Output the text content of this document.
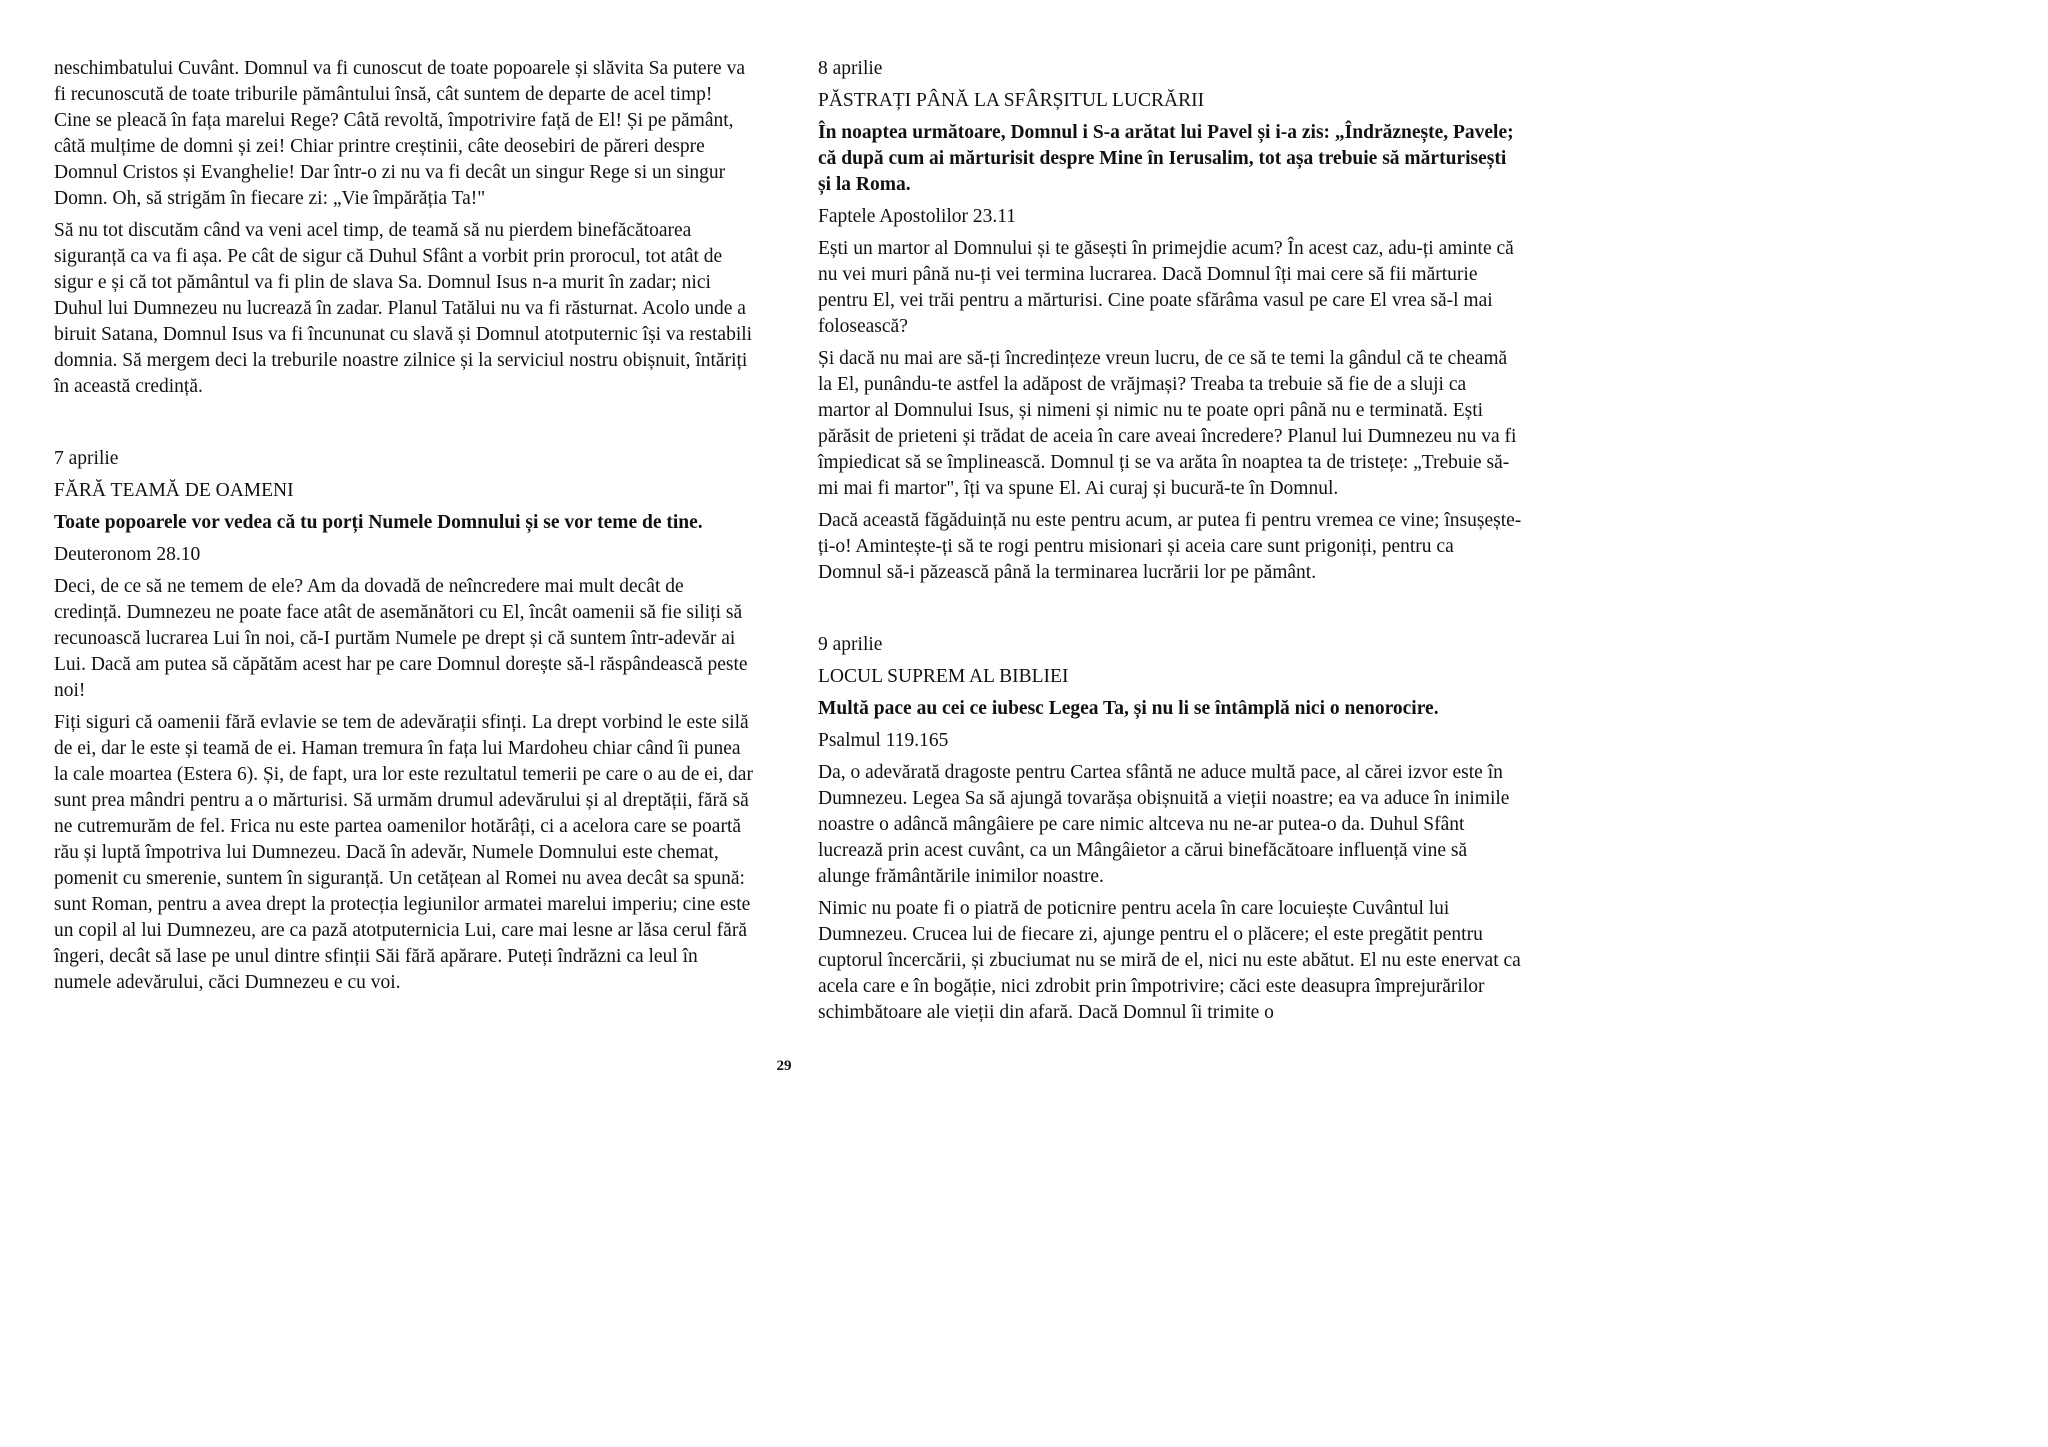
neschimbatului Cuvânt. Domnul va fi cunoscut de toate popoarele și slăvita Sa putere va fi recunoscută de toate triburile pământului însă, cât suntem de departe de acel timp! Cine se pleacă în fața marelui Rege? Câtă revoltă, împotrivire față de El! Și pe pământ, câtă mulțime de domni și zei! Chiar printre creștinii, câte deosebiri de păreri despre Domnul Cristos și Evanghelie! Dar într-o zi nu va fi decât un singur Rege si un singur Domn. Oh, să strigăm în fiecare zi: „Vie împărăția Ta!"

Să nu tot discutăm când va veni acel timp, de teamă să nu pierdem binefăcătoarea siguranță ca va fi așa. Pe cât de sigur că Duhul Sfânt a vorbit prin prorocul, tot atât de sigur e și că tot pământul va fi plin de slava Sa. Domnul Isus n-a murit în zadar; nici Duhul lui Dumnezeu nu lucrează în zadar. Planul Tatălui nu va fi răsturnat. Acolo unde a biruit Satana, Domnul Isus va fi încununat cu slavă și Domnul atotputernic își va restabili domnia. Să mergem deci la treburile noastre zilnice și la serviciul nostru obișnuit, întăriți în această credință.

7 aprilie
FĂRĂ TEAMĂ DE OAMENI
Toate popoarele vor vedea că tu porți Numele Domnului și se vor teme de tine.
Deuteronom 28.10

Deci, de ce să ne temem de ele? Am da dovadă de neîncredere mai mult decât de credință. Dumnezeu ne poate face atât de asemănători cu El, încât oamenii să fie siliți să recunoască lucrarea Lui în noi, că-I purtăm Numele pe drept și că suntem într-adevăr ai Lui. Dacă am putea să căpătăm acest har pe care Domnul dorește să-l răspândească peste noi!

Fiți siguri că oamenii fără evlavie se tem de adevărații sfinți. La drept vorbind le este silă de ei, dar le este și teamă de ei. Haman tremura în fața lui Mardoheu chiar când îi punea la cale moartea (Estera 6). Și, de fapt, ura lor este rezultatul temerii pe care o au de ei, dar sunt prea mândri pentru a o mărturisi. Să urmăm drumul adevărului și al dreptății, fără să ne cutremurăm de fel. Frica nu este partea oamenilor hotărâți, ci a acelora care se poartă rău și luptă împotriva lui Dumnezeu. Dacă în adevăr, Numele Domnului este chemat, pomenit cu smerenie, suntem în siguranță. Un cetățean al Romei nu avea decât sa spună: sunt Roman, pentru a avea drept la protecția legiunilor armatei marelui imperiu; cine este un copil al lui Dumnezeu, are ca pază atotputernicia Lui, care mai lesne ar lăsa cerul fără îngeri, decât să lase pe unul dintre sfinții Săi fără apărare. Puteți îndrăzni ca leul în numele adevărului, căci Dumnezeu e cu voi.

8 aprilie
PĂSTRAȚI PÂNĂ LA SFÂRȘITUL LUCRĂRII
În noaptea următoare, Domnul i S-a arătat lui Pavel și i-a zis: „Îndrăznește, Pavele; că după cum ai mărturisit despre Mine în Ierusalim, tot așa trebuie să mărturisești și la Roma.
Faptele Apostolilor 23.11

Ești un martor al Domnului și te găsești în primejdie acum? În acest caz, adu-ți aminte că nu vei muri până nu-ți vei termina lucrarea. Dacă Domnul îți mai cere să fii mărturie pentru El, vei trăi pentru a mărturisi. Cine poate sfărâma vasul pe care El vrea să-l mai folosească?

Și dacă nu mai are să-ți încredințeze vreun lucru, de ce să te temi la gândul că te cheamă la El, punându-te astfel la adăpost de vrăjmași? Treaba ta trebuie să fie de a sluji ca martor al Domnului Isus, și nimeni și nimic nu te poate opri până nu e terminată. Ești părăsit de prieteni și trădat de aceia în care aveai încredere? Planul lui Dumnezeu nu va fi împiedicat să se împlinească. Domnul ți se va arăta în noaptea ta de tristețe: „Trebuie să-mi mai fi martor", îți va spune El. Ai curaj și bucură-te în Domnul.

Dacă această făgăduință nu este pentru acum, ar putea fi pentru vremea ce vine; însușește-ți-o! Amintește-ți să te rogi pentru misionari și aceia care sunt prigoniți, pentru ca Domnul să-i păzească până la terminarea lucrării lor pe pământ.

9 aprilie
LOCUL SUPREM AL BIBLIEI
Multă pace au cei ce iubesc Legea Ta, și nu li se întâmplă nici o nenorocire.
Psalmul 119.165

Da, o adevărată dragoste pentru Cartea sfântă ne aduce multă pace, al cărei izvor este în Dumnezeu. Legea Sa să ajungă tovarășa obișnuită a vieții noastre; ea va aduce în inimile noastre o adâncă mângâiere pe care nimic altceva nu ne-ar putea-o da. Duhul Sfânt lucrează prin acest cuvânt, ca un Mângâietor a cărui binefăcătoare influență vine să alunge frământările inimilor noastre.

Nimic nu poate fi o piatră de poticnire pentru acela în care locuiește Cuvântul lui Dumnezeu. Crucea lui de fiecare zi, ajunge pentru el o plăcere; el este pregătit pentru cuptorul încercării, și zbuciumat nu se miră de el, nici nu este abătut. El nu este enervat ca acela care e în bogăție, nici zdrobit prin împotrivire; căci este deasupra împrejurărilor schimbătoare ale vieții din afară. Dacă Domnul îi trimite o

29
